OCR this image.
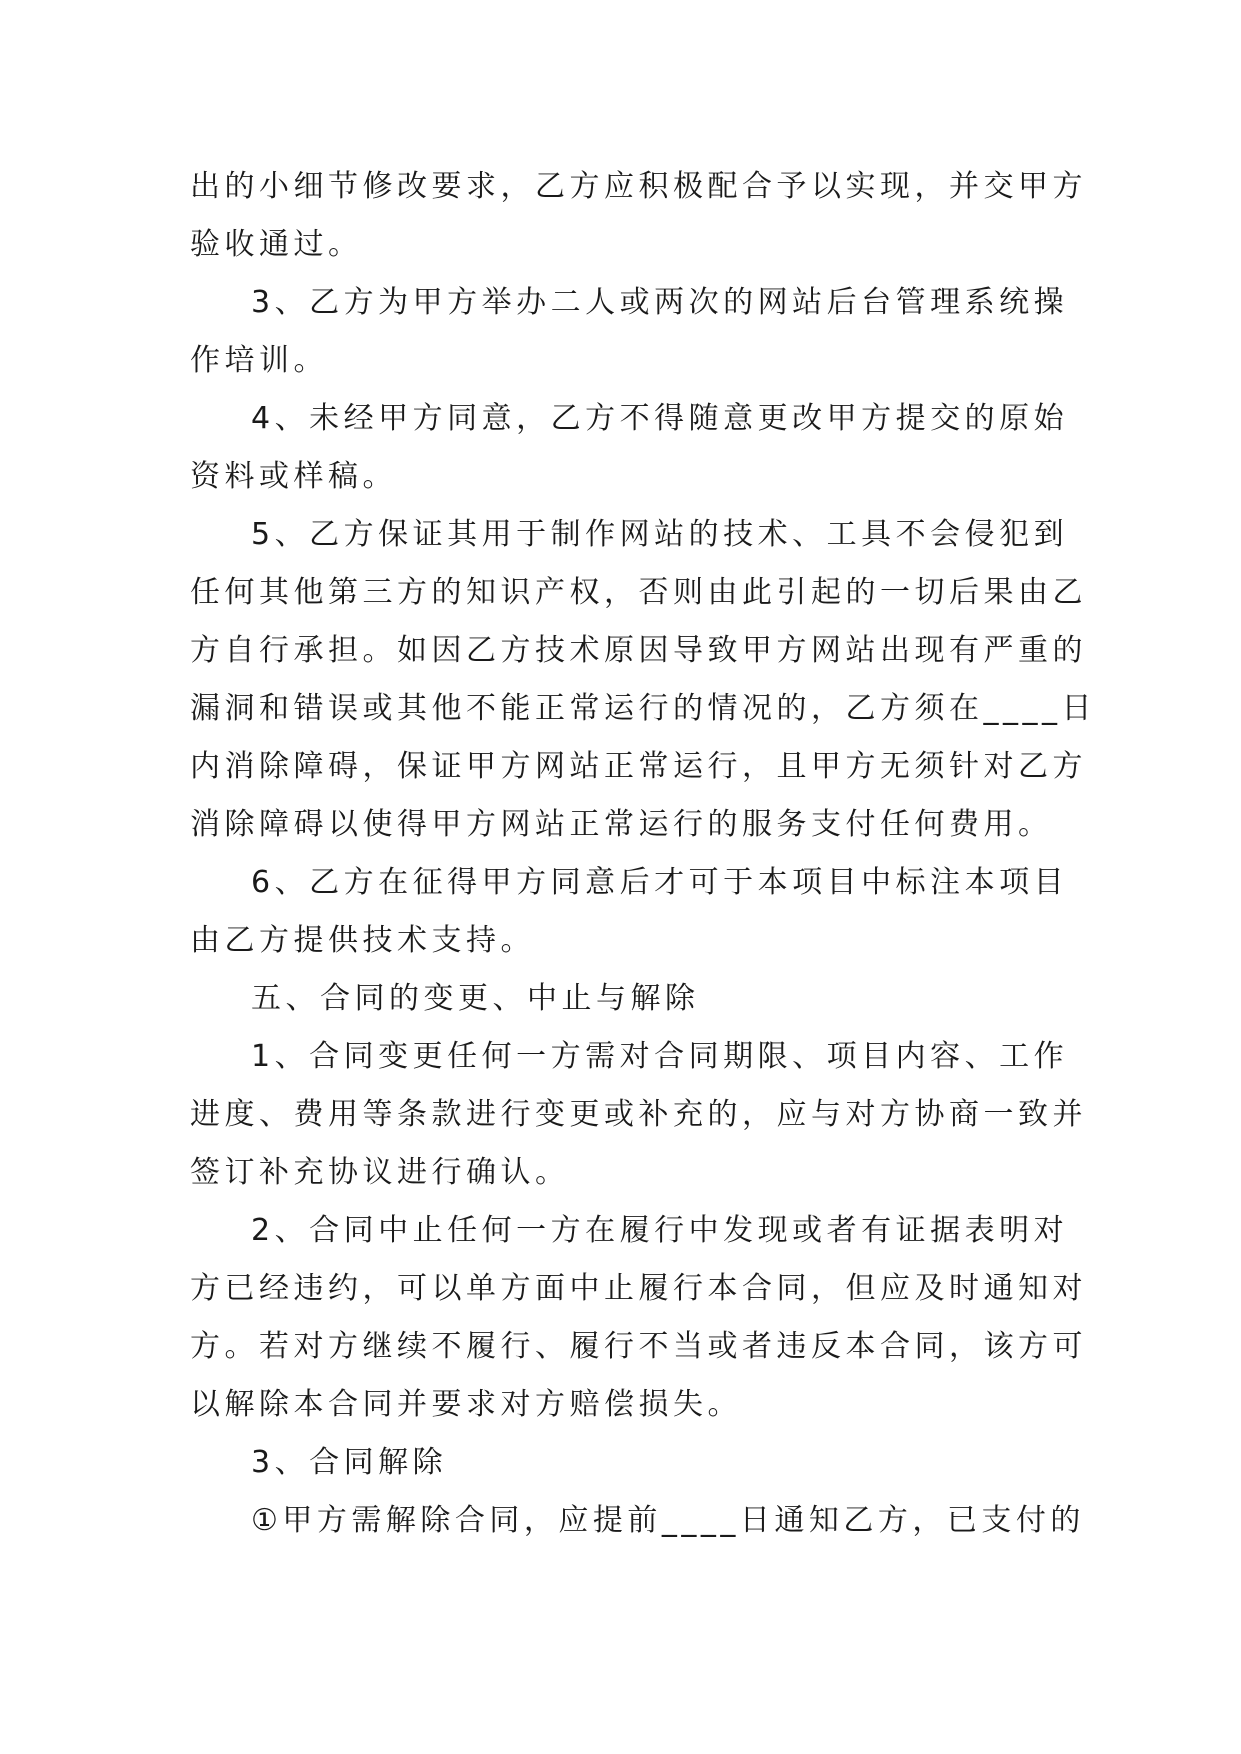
出的小细节修改要求，乙方应积极配合予以实现，并交甲方
验收通过。
3、乙方为甲方举办二人或两次的网站后台管理系统操
作培训。
4、未经甲方同意，乙方不得随意更改甲方提交的原始
资料或样稿。
5、乙方保证其用于制作网站的技术、工具不会侵犯到
任何其他第三方的知识产权，否则由此引起的一切后果由乙
方自行承担。如因乙方技术原因导致甲方网站出现有严重的
漏洞和错误或其他不能正常运行的情况的，乙方须在____日
内消除障碍，保证甲方网站正常运行，且甲方无须针对乙方
消除障碍以使得甲方网站正常运行的服务支付任何费用。
6、乙方在征得甲方同意后才可于本项目中标注本项目
由乙方提供技术支持。
五、合同的变更、中止与解除
1、合同变更任何一方需对合同期限、项目内容、工作
进度、费用等条款进行变更或补充的，应与对方协商一致并
签订补充协议进行确认。
2、合同中止任何一方在履行中发现或者有证据表明对
方已经违约，可以单方面中止履行本合同，但应及时通知对
方。若对方继续不履行、履行不当或者违反本合同，该方可
以解除本合同并要求对方赔偿损失。
3、合同解除
①甲方需解除合同，应提前____日通知乙方，已支付的
